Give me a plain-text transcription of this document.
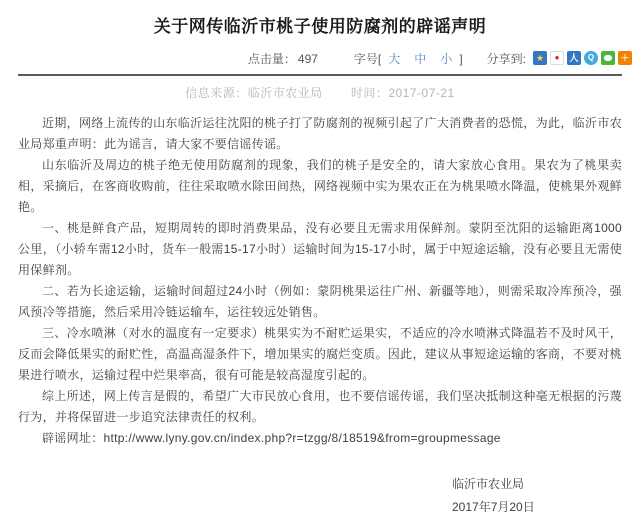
关于网传临沂市桃子使用防腐剂的辟谣声明
点击量： 497	字号[ 大 中 小 ] 分享到:	★	●	人	Q	＋
信息来源：临沂市农业局 时间：2017-07-21

近期，网络上流传的山东临沂运往沈阳的桃子打了防腐剂的视频引起了广大消费者的恐慌，为此，临沂市农业局郑重声明：此为谣言，请大家不要信谣传谣。

山东临沂及周边的桃子绝无使用防腐剂的现象，我们的桃子是安全的，请大家放心食用。果农为了桃果卖相，采摘后，在客商收购前，往往采取喷水除田间热，网络视频中实为果农正在为桃果喷水降温，使桃果外观鲜艳。

一、桃是鲜食产品，短期周转的即时消费果品，没有必要且无需求用保鲜剂。蒙阴至沈阳的运输距离1000公里，（小轿车需12小时，货车一般需15-17小时）运输时间为15-17小时，属于中短途运输，没有必要且无需使用保鲜剂。

二、若为长途运输，运输时间超过24小时（例如：蒙阴桃果运往广州、新疆等地），则需采取冷库预冷，强风预冷等措施，然后采用冷链运输车，运往较远处销售。

三、冷水喷淋（对水的温度有一定要求）桃果实为不耐贮运果实，不适应的冷水喷淋式降温若不及时风干，反而会降低果实的耐贮性，高温高湿条件下，增加果实的腐烂变质。因此，建议从事短途运输的客商，不要对桃果进行喷水，运输过程中烂果率高，很有可能是较高湿度引起的。

综上所述，网上传言是假的，希望广大市民放心食用，也不要信谣传谣，我们坚决抵制这种毫无根据的污蔑行为，并将保留进一步追究法律责任的权利。

辟谣网址：http://www.lyny.gov.cn/index.php?r=tzgg/8/18519&from=groupmessage

临沂市农业局
2017年7月20日
